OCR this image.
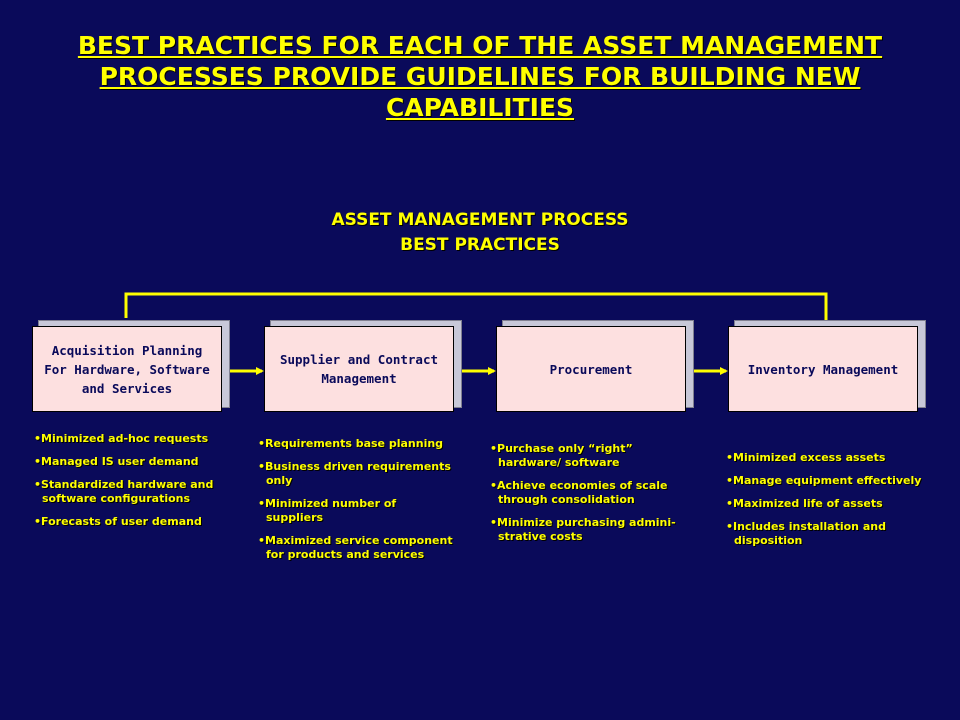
BEST PRACTICES FOR EACH OF THE ASSET MANAGEMENT PROCESSES PROVIDE GUIDELINES FOR BUILDING NEW CAPABILITIES
ASSET MANAGEMENT PROCESS
BEST PRACTICES
Acquisition Planning For Hardware, Software and Services
• Minimized ad-hoc requests
• Managed IS user demand
• Standardized hardware and software configurations
• Forecasts of user demand
Supplier and Contract Management
• Requirements base planning
• Business driven requirements only
• Minimized number of suppliers
• Maximized service component for products and services
Procurement
• Purchase only “right” hardware/ software
• Achieve economies of scale through consolidation
• Minimize purchasing admini- strative costs
Inventory Management
• Minimized excess assets
• Manage equipment effectively
• Maximized life of assets
• Includes installation and disposition
